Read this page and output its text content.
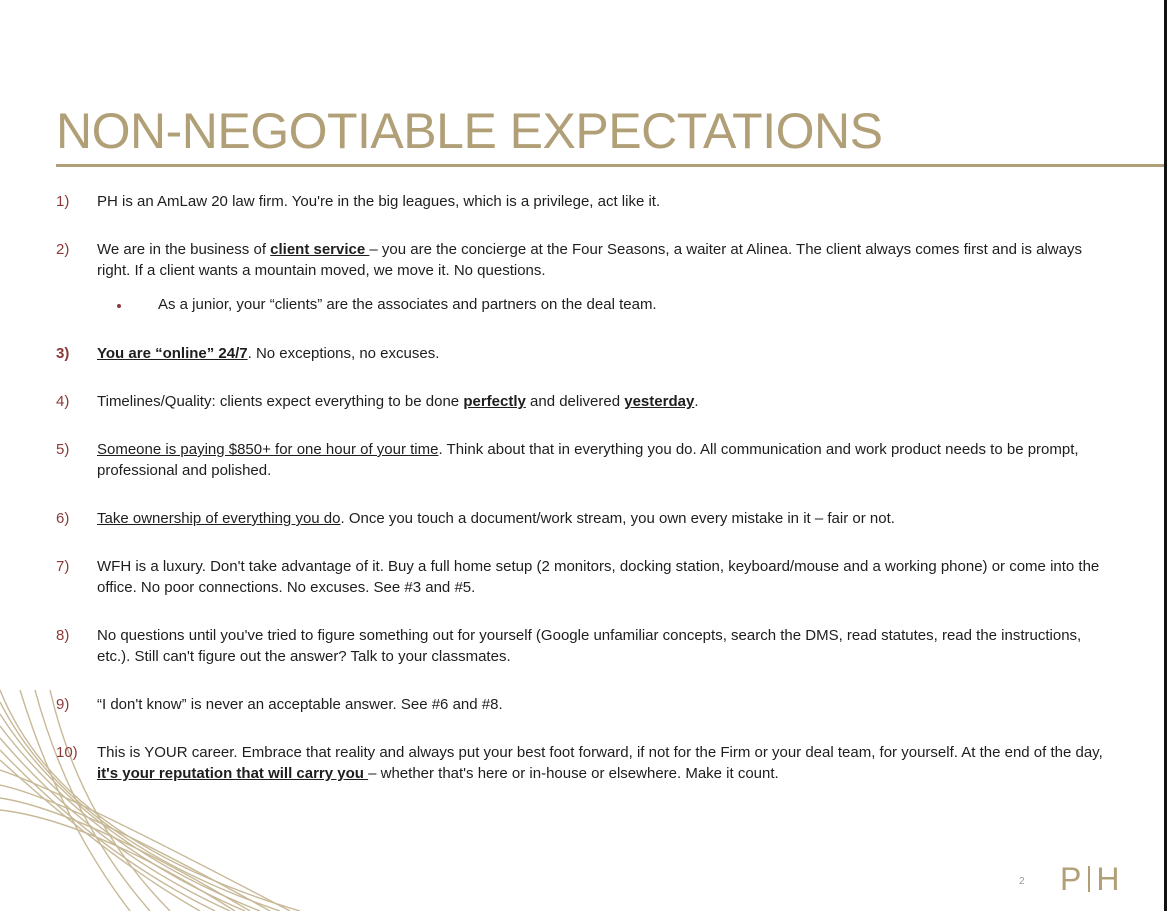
NON-NEGOTIABLE EXPECTATIONS
1) PH is an AmLaw 20 law firm. You're in the big leagues, which is a privilege, act like it.
2) We are in the business of client service – you are the concierge at the Four Seasons, a waiter at Alinea. The client always comes first and is always right. If a client wants a mountain moved, we move it. No questions.
As a junior, your “clients” are the associates and partners on the deal team.
3) You are “online” 24/7. No exceptions, no excuses.
4) Timelines/Quality: clients expect everything to be done perfectly and delivered yesterday.
5) Someone is paying $850+ for one hour of your time. Think about that in everything you do. All communication and work product needs to be prompt, professional and polished.
6) Take ownership of everything you do. Once you touch a document/work stream, you own every mistake in it – fair or not.
7) WFH is a luxury. Don't take advantage of it. Buy a full home setup (2 monitors, docking station, keyboard/mouse and a working phone) or come into the office. No poor connections. No excuses. See #3 and #5.
8) No questions until you've tried to figure something out for yourself (Google unfamiliar concepts, search the DMS, read statutes, read the instructions, etc.). Still can't figure out the answer? Talk to your classmates.
9) “I don't know” is never an acceptable answer. See #6 and #8.
10) This is YOUR career. Embrace that reality and always put your best foot forward, if not for the Firm or your deal team, for yourself. At the end of the day, it's your reputation that will carry you – whether that's here or in-house or elsewhere. Make it count.
2 P H
